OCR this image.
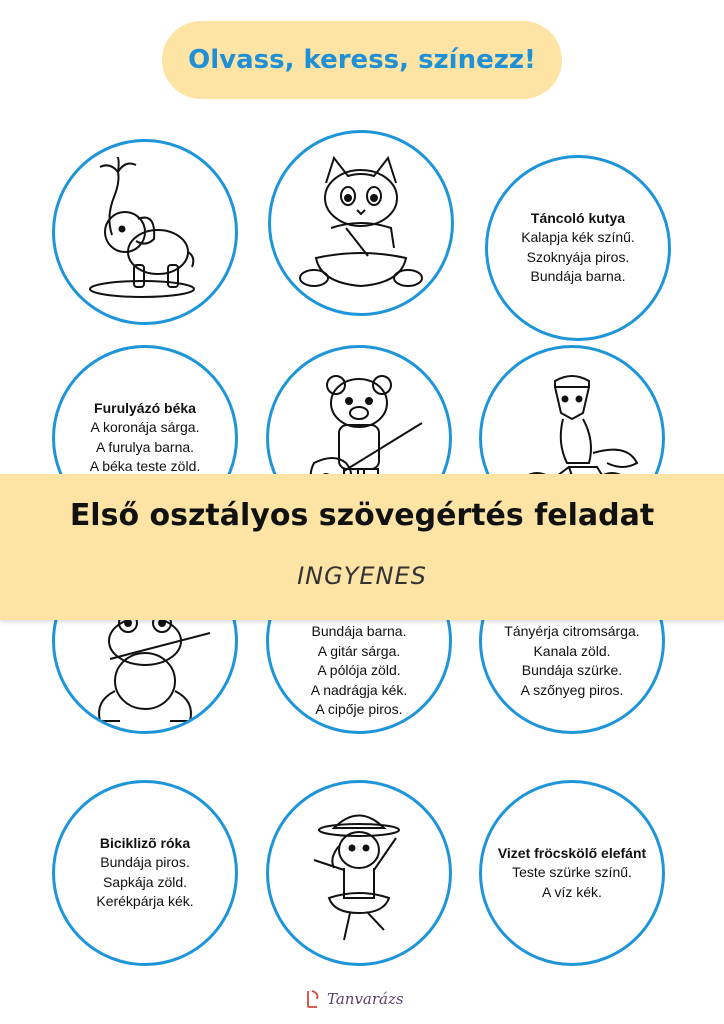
Olvass, keress, színezz!
Táncoló kutya
Kalapja kék színű.
Szoknyája piros.
Bundája barna.
Furulyázó béka
A koronája sárga.
A furulya barna.
A béka teste zöld.
Első osztályos szövegértés feladat
INGYENES
Bundája barna.
A gitár sárga.
A pólója zöld.
A nadrágja kék.
A cipője piros.
Tányérja citromsárga.
Kanala zöld.
Bundája szürke.
A szőnyeg piros.
Biciklizõ róka
Bundája piros.
Sapkája zöld.
Kerékpárja kék.
Vizet fröcskölő elefánt
Teste szürke színű.
A víz kék.
Tanvarázs
